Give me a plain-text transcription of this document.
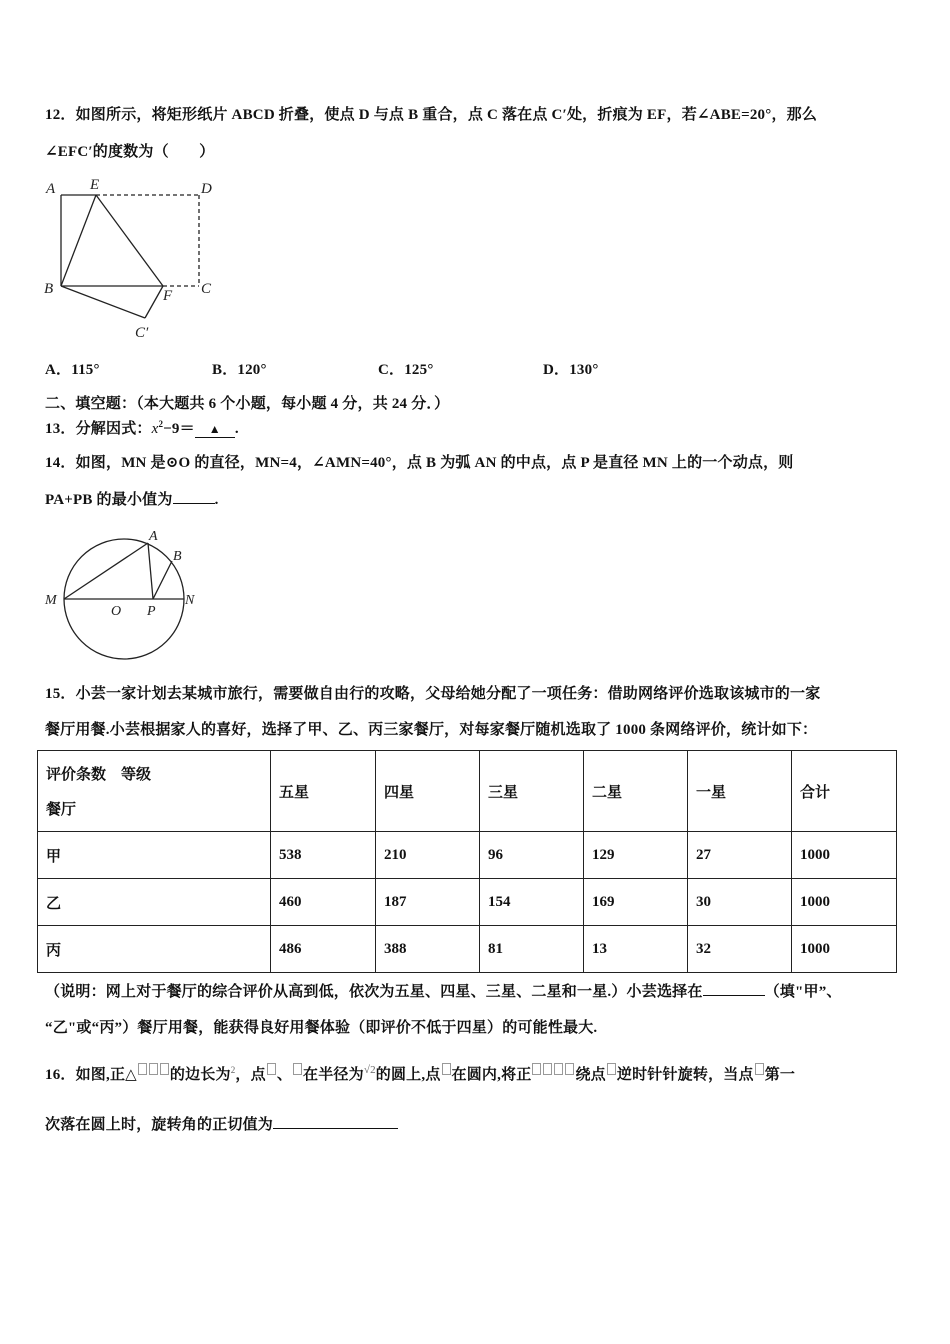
12．如图所示，将矩形纸片 ABCD 折叠，使点 D 与点 B 重合，点 C 落在点 C′处，折痕为 EF，若∠ABE=20°，那么
∠EFC′的度数为（　　）
A E	D
B	F C
C′
A．115°	B．120°	C．125°	D．130°
二、填空题：（本大题共 6 个小题，每小题 4 分，共 24 分．）
13．分解因式：$x^2-9=$ ▲ .
14．如图，MN 是⊙O 的直径，MN=4，∠AMN=40°，点 B 为弧 AN 的中点，点 P 是直径 MN 上的一个动点，则
PA+PB 的最小值为	.
A
B
M
O P
N
15．小芸一家计划去某城市旅行，需要做自由行的攻略，父母给她分配了一项任务：借助网络评价选取该城市的一家
餐厅用餐.小芸根据家人的喜好，选择了甲、乙、丙三家餐厅，对每家餐厅随机选取了 1000 条网络评价，统计如下：
评价条数　等级
餐厅	五星	四星	三星	二星	一星	合计
甲	538	210	96	129	27	1000
乙	460	187	154	169	30	1000
丙	486	388	81	13	32	1000
（说明：网上对于餐厅的综合评价从高到低，依次为五星、四星、三星、二星和一星.）小芸选择在	（填"甲”、
“乙"或“丙”）餐厅用餐，能获得良好用餐体验（即评价不低于四星）的可能性最大.
16．如图,正△ 的边长为$^2$，点 、 在半径为$^{√2}$的圆上,点 在圆内,将正	绕点 逆时针针旋转，当点 第一
次落在圆上时，旋转角的正切值为
